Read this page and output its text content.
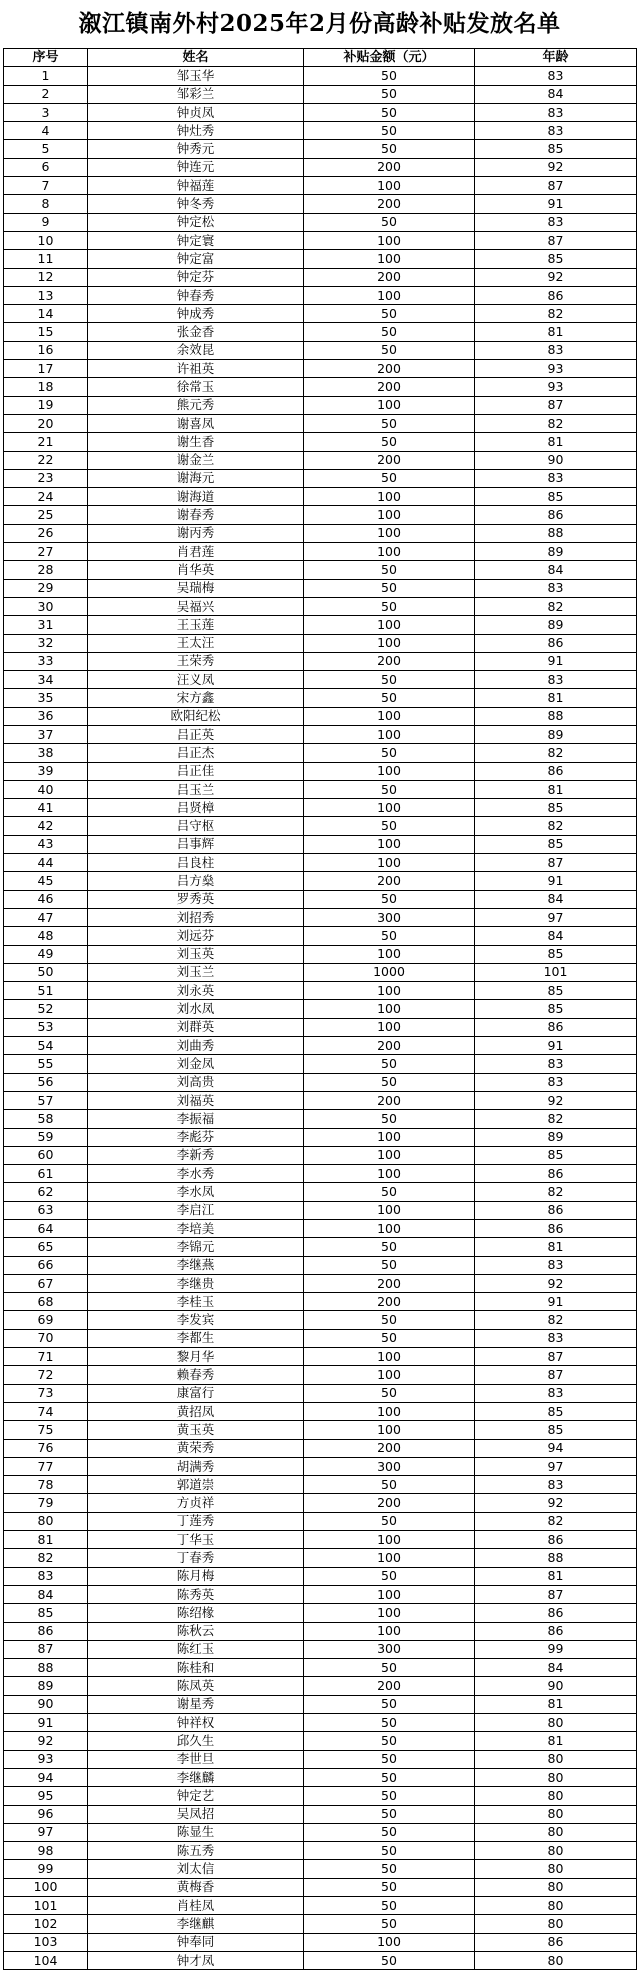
溆江镇南外村2025年2月份高龄补贴发放名单
序号	姓名	补贴金额（元）	年龄
1	邹玉华	50	83
2	邹彩兰	50	84
3	钟贞凤	50	83
4	钟灶秀	50	83
5	钟秀元	50	85
6	钟连元	200	92
7	钟福莲	100	87
8	钟冬秀	200	91
9	钟定松	50	83
10	钟定寰	100	87
11	钟定富	100	85
12	钟定芬	200	92
13	钟春秀	100	86
14	钟成秀	50	82
15	张金香	50	81
16	余效昆	50	83
17	许祖英	200	93
18	徐常玉	200	93
19	熊元秀	100	87
20	谢喜凤	50	82
21	谢生香	50	81
22	谢金兰	200	90
23	谢海元	50	83
24	谢海道	100	85
25	谢春秀	100	86
26	谢丙秀	100	88
27	肖君莲	100	89
28	肖华英	50	84
29	吴瑞梅	50	83
30	吴福兴	50	82
31	王玉莲	100	89
32	王太汪	100	86
33	王荣秀	200	91
34	汪义凤	50	83
35	宋方鑫	50	81
36	欧阳纪松	100	88
37	吕正英	100	89
38	吕正杰	50	82
39	吕正佳	100	86
40	吕玉兰	50	81
41	吕贤樟	100	85
42	吕守枢	50	82
43	吕事辉	100	85
44	吕良柱	100	87
45	吕方燊	200	91
46	罗秀英	50	84
47	刘招秀	300	97
48	刘远芬	50	84
49	刘玉英	100	85
50	刘玉兰	1000	101
51	刘永英	100	85
52	刘水凤	100	85
53	刘群英	100	86
54	刘曲秀	200	91
55	刘金凤	50	83
56	刘高贵	50	83
57	刘福英	200	92
58	李振福	50	82
59	李彪芬	100	89
60	李新秀	100	85
61	李水秀	100	86
62	李水凤	50	82
63	李启江	100	86
64	李培美	100	86
65	李锦元	50	81
66	李继燕	50	83
67	李继贵	200	92
68	李桂玉	200	91
69	李发宾	50	82
70	李都生	50	83
71	黎月华	100	87
72	赖春秀	100	87
73	康富行	50	83
74	黄招凤	100	85
75	黄玉英	100	85
76	黄荣秀	200	94
77	胡满秀	300	97
78	郭道崇	50	83
79	方贞祥	200	92
80	丁莲秀	50	82
81	丁华玉	100	86
82	丁春秀	100	88
83	陈月梅	50	81
84	陈秀英	100	87
85	陈绍椽	100	86
86	陈秋云	100	86
87	陈红玉	300	99
88	陈桂和	50	84
89	陈凤英	200	90
90	谢星秀	50	81
91	钟祥权	50	80
92	邱久生	50	81
93	李世旦	50	80
94	李继麟	50	80
95	钟定艺	50	80
96	吴凤招	50	80
97	陈显生	50	80
98	陈五秀	50	80
99	刘太信	50	80
100	黄梅香	50	80
101	肖桂凤	50	80
102	李继麒	50	80
103	钟奉同	100	86
104	钟才凤	50	80
